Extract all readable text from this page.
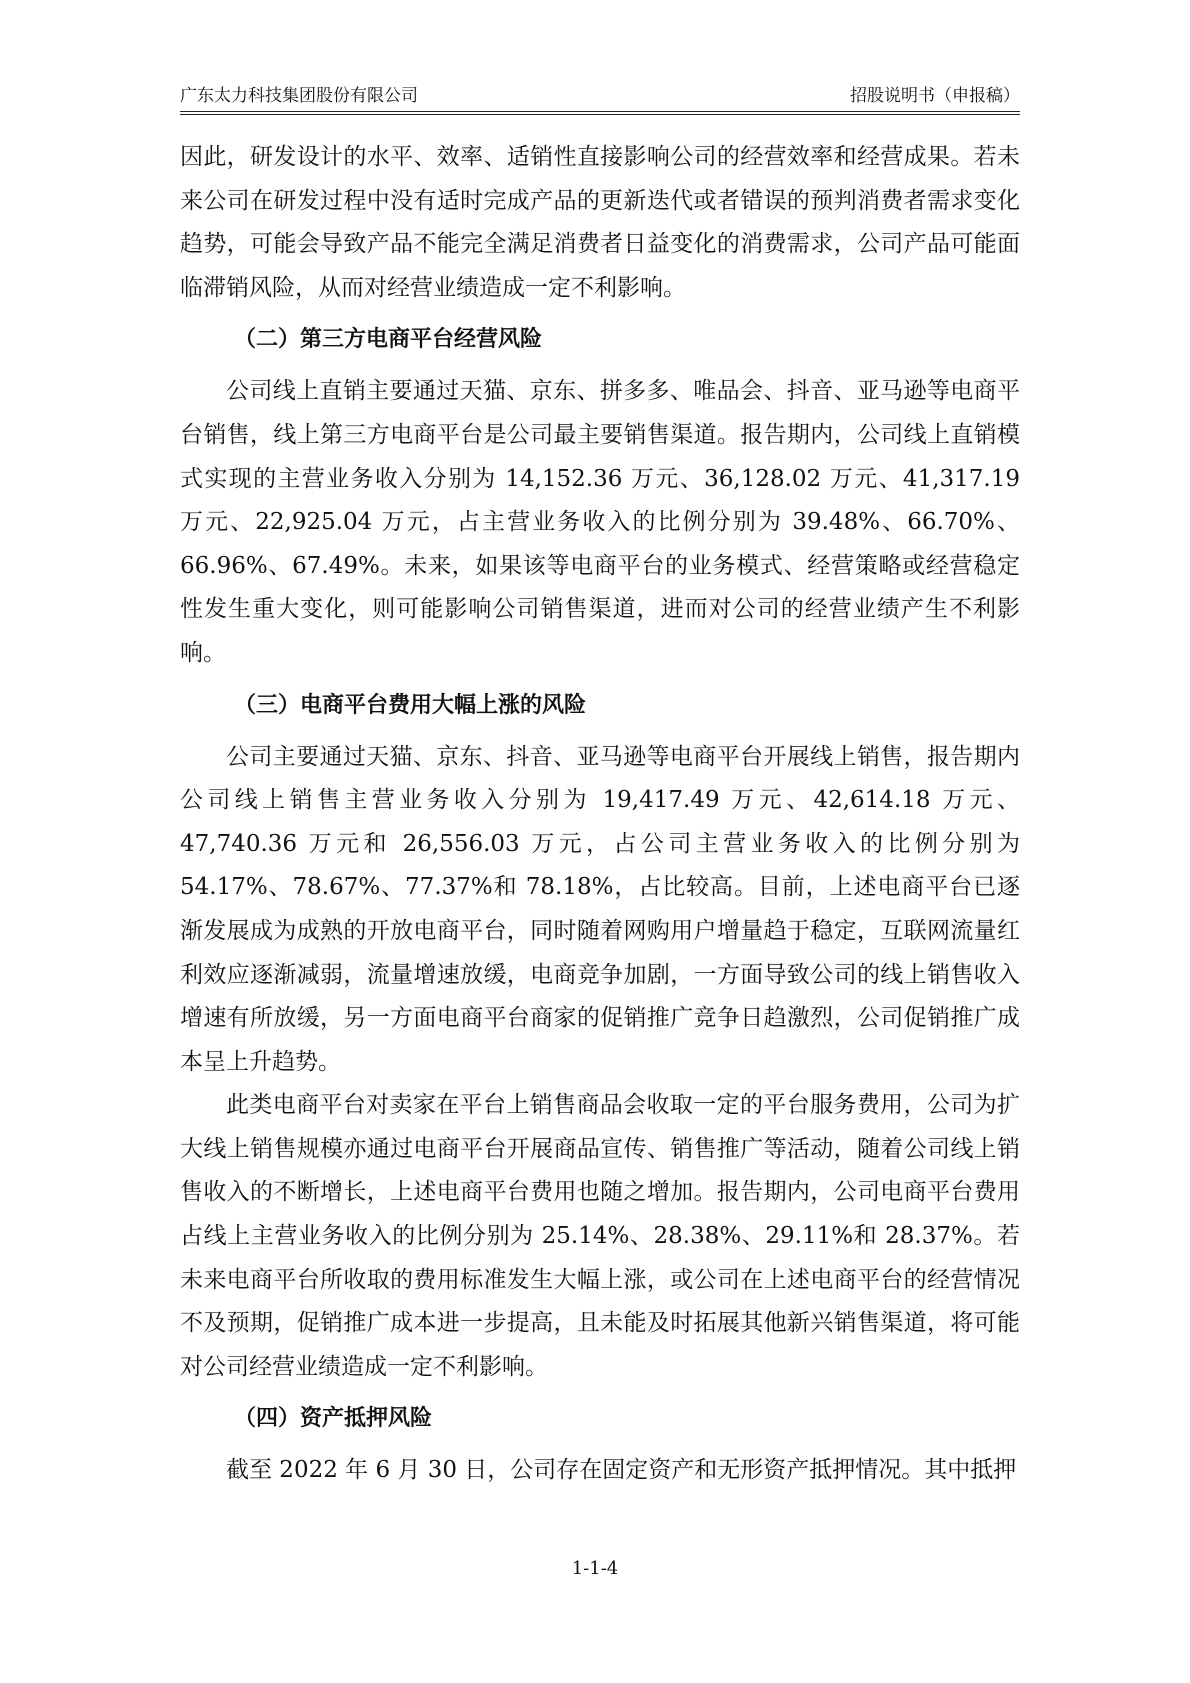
广东太力科技集团股份有限公司	招股说明书（申报稿）

因此，研发设计的水平、效率、适销性直接影响公司的经营效率和经营成果。若未来公司在研发过程中没有适时完成产品的更新迭代或者错误的预判消费者需求变化趋势，可能会导致产品不能完全满足消费者日益变化的消费需求，公司产品可能面临滞销风险，从而对经营业绩造成一定不利影响。

（二）第三方电商平台经营风险

公司线上直销主要通过天猫、京东、拼多多、唯品会、抖音、亚马逊等电商平台销售，线上第三方电商平台是公司最主要销售渠道。报告期内，公司线上直销模式实现的主营业务收入分别为 14,152.36 万元、36,128.02 万元、41,317.19 万元、22,925.04 万元，占主营业务收入的比例分别为 39.48%、66.70%、66.96%、67.49%。未来，如果该等电商平台的业务模式、经营策略或经营稳定性发生重大变化，则可能影响公司销售渠道，进而对公司的经营业绩产生不利影响。

（三）电商平台费用大幅上涨的风险

公司主要通过天猫、京东、抖音、亚马逊等电商平台开展线上销售，报告期内公司线上销售主营业务收入分别为 19,417.49 万元、42,614.18 万元、47,740.36 万元和 26,556.03 万元，占公司主营业务收入的比例分别为 54.17%、78.67%、77.37%和 78.18%，占比较高。目前，上述电商平台已逐渐发展成为成熟的开放电商平台，同时随着网购用户增量趋于稳定，互联网流量红利效应逐渐减弱，流量增速放缓，电商竞争加剧，一方面导致公司的线上销售收入增速有所放缓，另一方面电商平台商家的促销推广竞争日趋激烈，公司促销推广成本呈上升趋势。

此类电商平台对卖家在平台上销售商品会收取一定的平台服务费用，公司为扩大线上销售规模亦通过电商平台开展商品宣传、销售推广等活动，随着公司线上销售收入的不断增长，上述电商平台费用也随之增加。报告期内，公司电商平台费用占线上主营业务收入的比例分别为 25.14%、28.38%、29.11%和 28.37%。若未来电商平台所收取的费用标准发生大幅上涨，或公司在上述电商平台的经营情况不及预期，促销推广成本进一步提高，且未能及时拓展其他新兴销售渠道，将可能对公司经营业绩造成一定不利影响。

（四）资产抵押风险

截至 2022 年 6 月 30 日，公司存在固定资产和无形资产抵押情况。其中抵押

1-1-4
